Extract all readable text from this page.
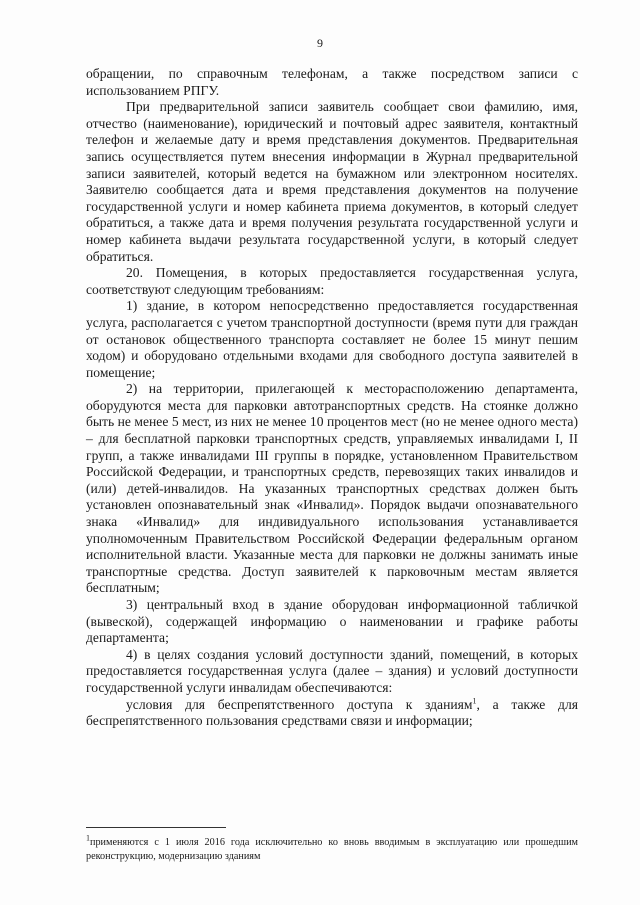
9

обращении, по справочным телефонам, а также посредством записи с использованием РПГУ.

При предварительной записи заявитель сообщает свои фамилию, имя, отчество (наименование), юридический и почтовый адрес заявителя, контактный телефон и желаемые дату и время представления документов. Предварительная запись осуществляется путем внесения информации в Журнал предварительной записи заявителей, который ведется на бумажном или электронном носителях. Заявителю сообщается дата и время представления документов на получение государственной услуги и номер кабинета приема документов, в который следует обратиться, а также дата и время получения результата государственной услуги и номер кабинета выдачи результата государственной услуги, в который следует обратиться.

20. Помещения, в которых предоставляется государственная услуга, соответствуют следующим требованиям:

1) здание, в котором непосредственно предоставляется государственная услуга, располагается с учетом транспортной доступности (время пути для граждан от остановок общественного транспорта составляет не более 15 минут пешим ходом) и оборудовано отдельными входами для свободного доступа заявителей в помещение;

2) на территории, прилегающей к месторасположению департамента, оборудуются места для парковки автотранспортных средств. На стоянке должно быть не менее 5 мест, из них не менее 10 процентов мест (но не менее одного места) – для бесплатной парковки транспортных средств, управляемых инвалидами I, II групп, а также инвалидами III группы в порядке, установленном Правительством Российской Федерации, и транспортных средств, перевозящих таких инвалидов и (или) детей-инвалидов. На указанных транспортных средствах должен быть установлен опознавательный знак «Инвалид». Порядок выдачи опознавательного знака «Инвалид» для индивидуального использования устанавливается уполномоченным Правительством Российской Федерации федеральным органом исполнительной власти. Указанные места для парковки не должны занимать иные транспортные средства. Доступ заявителей к парковочным местам является бесплатным;

3) центральный вход в здание оборудован информационной табличкой (вывеской), содержащей информацию о наименовании и графике работы департамента;

4) в целях создания условий доступности зданий, помещений, в которых предоставляется государственная услуга (далее – здания) и условий доступности государственной услуги инвалидам обеспечиваются:

условия для беспрепятственного доступа к зданиям$^1$, а также для беспрепятственного пользования средствами связи и информации;

$^1$применяются с 1 июля 2016 года исключительно ко вновь вводимым в эксплуатацию или прошедшим реконструкцию, модернизацию зданиям
